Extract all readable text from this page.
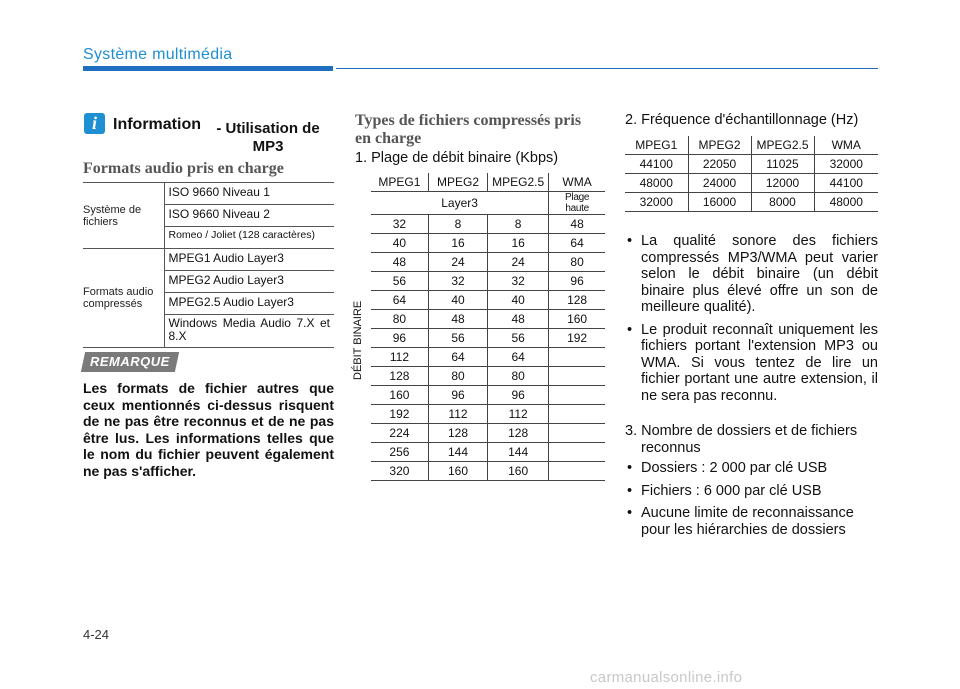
Système multimédia
i	Information	- Utilisation de MP3
Formats audio pris en charge
Système de fichiers	ISO 9660 Niveau 1
	ISO 9660 Niveau 2
	Romeo / Joliet (128 caractères)
Formats audio compressés	MPEG1 Audio Layer3
	MPEG2 Audio Layer3
	MPEG2.5 Audio Layer3
	Windows Media Audio 7.X et 8.X
REMARQUE
Les formats de fichier autres que ceux mentionnés ci-dessus risquent de ne pas être reconnus et de ne pas être lus. Les informations telles que le nom du fichier peuvent également ne pas s'afficher.
Types de fichiers compressés pris en charge
1. Plage de débit binaire (Kbps)
DÉBIT BINAIRE
MPEG1	MPEG2	MPEG2.5	WMA
Layer3			Plage haute
32	8	8	48
40	16	16	64
48	24	24	80
56	32	32	96
64	40	40	128
80	48	48	160
96	56	56	192
112	64	64	
128	80	80	
160	96	96	
192	112	112	
224	128	128	
256	144	144	
320	160	160	
2. Fréquence d'échantillonnage (Hz)
MPEG1	MPEG2	MPEG2.5	WMA
44100	22050	11025	32000
48000	24000	12000	44100
32000	16000	8000	48000
• La qualité sonore des fichiers compressés MP3/WMA peut varier selon le débit binaire (un débit binaire plus élevé offre un son de meilleure qualité).
• Le produit reconnaît uniquement les fichiers portant l'extension MP3 ou WMA. Si vous tentez de lire un fichier portant une autre extension, il ne sera pas reconnu.
3. Nombre de dossiers et de fichiers reconnus
• Dossiers : 2 000 par clé USB
• Fichiers : 6 000 par clé USB
• Aucune limite de reconnaissance pour les hiérarchies de dossiers
4-24
carmanualsonline.info
